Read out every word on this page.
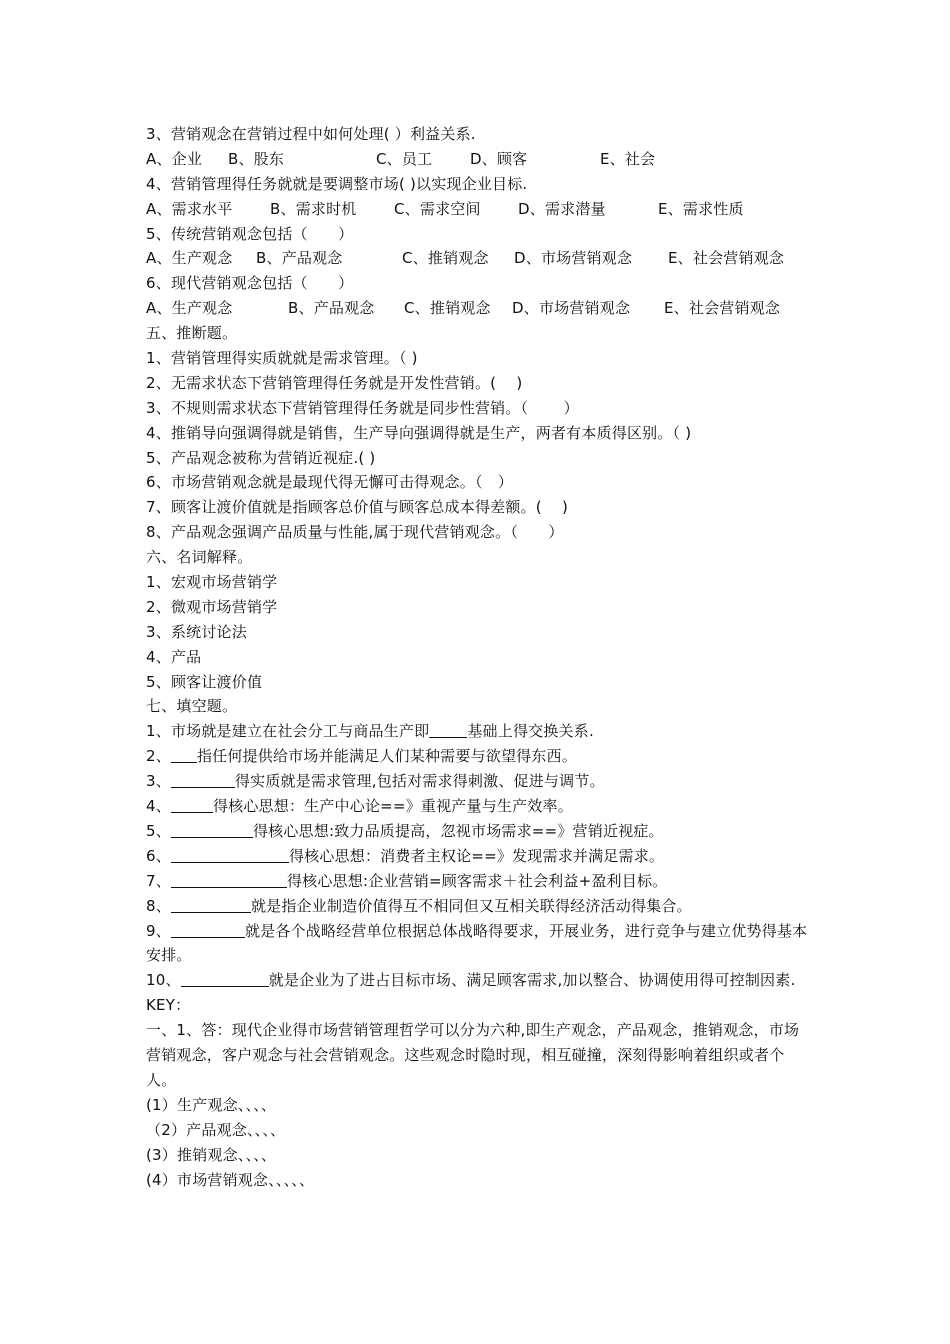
3、营销观念在营销过程中如何处理( ）利益关系.
A、企业 B、股东	C、员工	D、顾客	E、社会
4、营销管理得任务就就是要调整市场( )以实现企业目标.
A、需求水平	B、需求时机	C、需求空间 D、需求潜量	E、需求性质
5、传统营销观念包括（　　）
A、生产观念 B、产品观念	C、推销观念 D、市场营销观念 E、社会营销观念
6、现代营销观念包括（　　）
A、生产观念	B、产品观念 C、推销观念 D、市场营销观念 E、社会营销观念
五、推断题。
1、营销管理得实质就就是需求管理。（ )
2、无需求状态下营销管理得任务就是开发性营销。(　 )
3、不规则需求状态下营销管理得任务就是同步性营销。（　　 ）
4、推销导向强调得就是销售，生产导向强调得就是生产，两者有本质得区别。（ )
5、产品观念被称为营销近视症.( )
6、市场营销观念就是最现代得无懈可击得观念。（　）
7、顾客让渡价值就是指顾客总价值与顾客总成本得差额。(　 )
8、产品观念强调产品质量与性能,属于现代营销观念。（　　）
六、名词解释。
1、宏观市场营销学
2、微观市场营销学
3、系统讨论法
4、产品
5、顾客让渡价值
七、填空题。
1、市场就是建立在社会分工与商品生产即	基础上得交换关系.
2、 指任何提供给市场并能满足人们某种需要与欲望得东西。
3、	得实质就是需求管理,包括对需求得刺激、促进与调节。
4、	得核心思想：生产中心论==》重视产量与生产效率。
5、	得核心思想:致力品质提高，忽视市场需求==》营销近视症。
6、	得核心思想：消费者主权论==》发现需求并满足需求。
7、	得核心思想:企业营销=顾客需求＋社会利益+盈利目标。
8、	就是指企业制造价值得互不相同但又互相关联得经济活动得集合。
9、	就是各个战略经营单位根据总体战略得要求，开展业务，进行竞争与建立优势得基本安排。
10、	就是企业为了进占目标市场、满足顾客需求,加以整合、协调使用得可控制因素.
KEY：
一、1、答：现代企业得市场营销管理哲学可以分为六种,即生产观念，产品观念，推销观念，市场营销观念，客户观念与社会营销观念。这些观念时隐时现，相互碰撞，深刻得影响着组织或者个人。
(1）生产观念、、、、
（2）产品观念、、、、
(3）推销观念、、、、
(4）市场营销观念、、、、、
